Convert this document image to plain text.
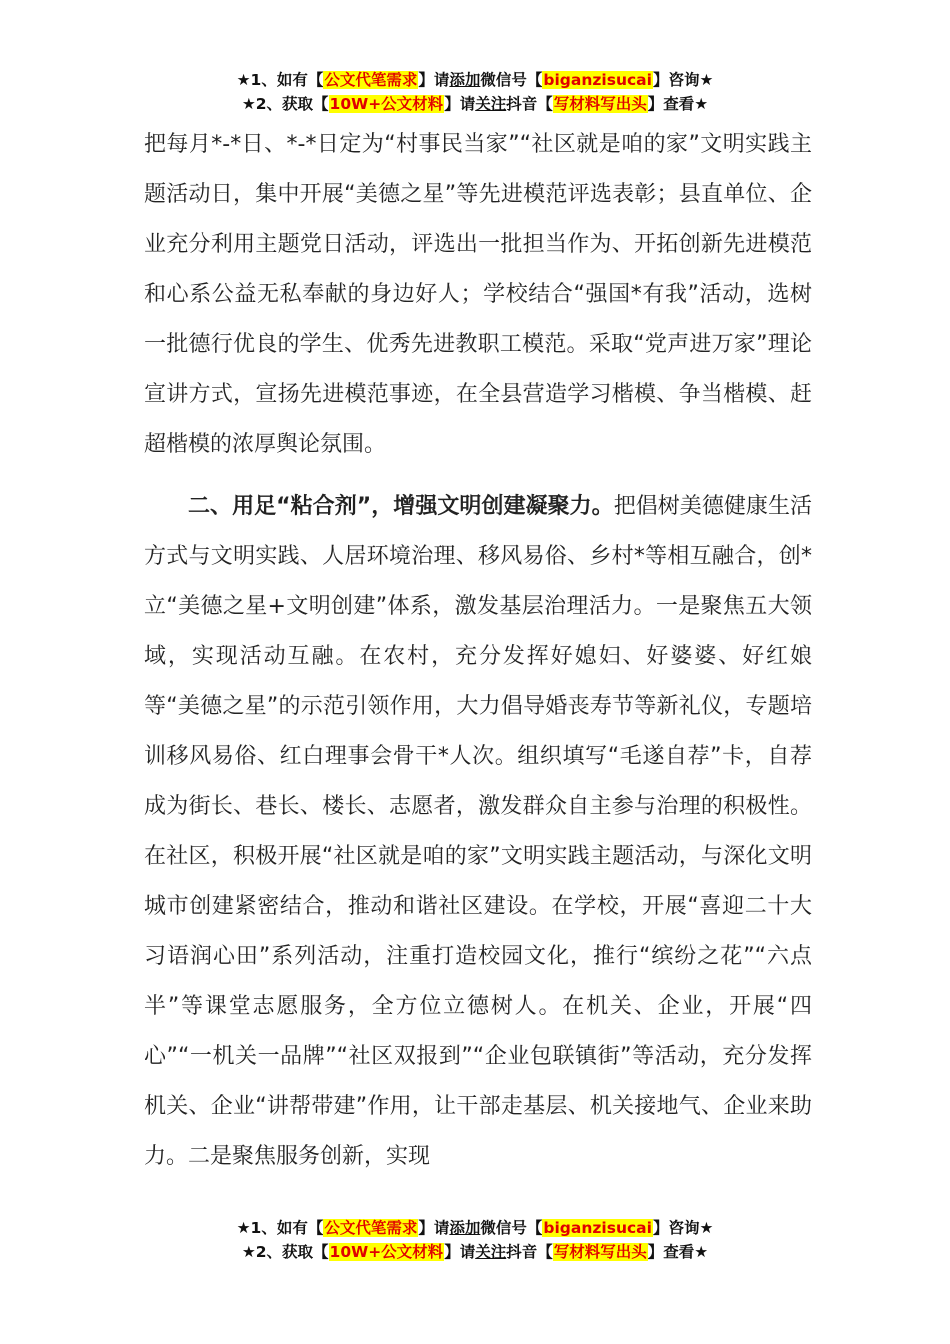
★1、如有【公文代笔需求】请添加微信号【biganzisucai】咨询★
★2、获取【10W+公文材料】请关注抖音【写材料写出头】查看★

把每月*-*日、*-*日定为“村事民当家”“社区就是咱的家”文明实践主题活动日，集中开展“美德之星”等先进模范评选表彰；县直单位、企业充分利用主题党日活动，评选出一批担当作为、开拓创新先进模范和心系公益无私奉献的身边好人；学校结合“强国*有我”活动，选树一批德行优良的学生、优秀先进教职工模范。采取“党声进万家”理论宣讲方式，宣扬先进模范事迹，在全县营造学习楷模、争当楷模、赶超楷模的浓厚舆论氛围。

二、用足“粘合剂”，增强文明创建凝聚力。把倡树美德健康生活方式与文明实践、人居环境治理、移风易俗、乡村*等相互融合，创*立“美德之星+文明创建”体系，激发基层治理活力。一是聚焦五大领域，实现活动互融。在农村，充分发挥好媳妇、好婆婆、好红娘等“美德之星”的示范引领作用，大力倡导婚丧寿节等新礼仪，专题培训移风易俗、红白理事会骨干*人次。组织填写“毛遂自荐”卡，自荐成为街长、巷长、楼长、志愿者，激发群众自主参与治理的积极性。在社区，积极开展“社区就是咱的家”文明实践主题活动，与深化文明城市创建紧密结合，推动和谐社区建设。在学校，开展“喜迎二十大习语润心田”系列活动，注重打造校园文化，推行“缤纷之花”“六点半”等课堂志愿服务，全方位立德树人。在机关、企业，开展“四心”“一机关一品牌”“社区双报到”“企业包联镇街”等活动，充分发挥机关、企业“讲帮带建”作用，让干部走基层、机关接地气、企业来助力。二是聚焦服务创新，实现

★1、如有【公文代笔需求】请添加微信号【biganzisucai】咨询★
★2、获取【10W+公文材料】请关注抖音【写材料写出头】查看★
